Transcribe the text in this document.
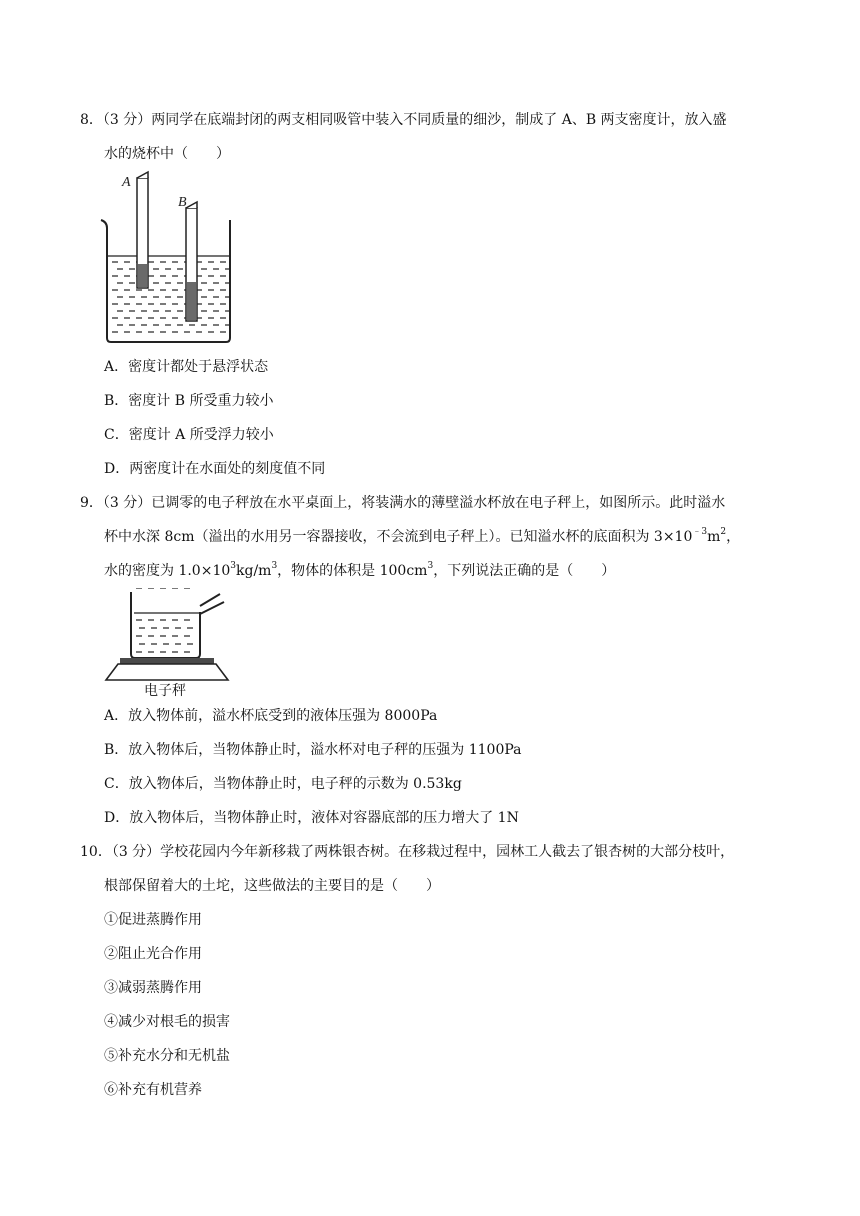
8．（3 分）两同学在底端封闭的两支相同吸管中装入不同质量的细沙，制成了 A、B 两支密度计，放入盛
水的烧杯中（　　）
A
B
A．密度计都处于悬浮状态
B．密度计 B 所受重力较小
C．密度计 A 所受浮力较小
D．两密度计在水面处的刻度值不同
9．（3 分）已调零的电子秤放在水平桌面上，将装满水的薄壁溢水杯放在电子秤上，如图所示。此时溢水
杯中水深 8cm（溢出的水用另一容器接收，不会流到电子秤上）。已知溢水杯的底面积为 $3\times 10^{﹣3}m^2$，
水的密度为 $1.0\times 10^3kg/m^3$，物体的体积是 $100cm^3$，下列说法正确的是（　　）
电子秤
A．放入物体前，溢水杯底受到的液体压强为 8000Pa
B．放入物体后，当物体静止时，溢水杯对电子秤的压强为 1100Pa
C．放入物体后，当物体静止时，电子秤的示数为 0.53kg
D．放入物体后，当物体静止时，液体对容器底部的压力增大了 1N
10．（3 分）学校花园内今年新移栽了两株银杏树。在移栽过程中，园林工人截去了银杏树的大部分枝叶，
根部保留着大的土坨，这些做法的主要目的是（　　）
①促进蒸腾作用
②阻止光合作用
③减弱蒸腾作用
④减少对根毛的损害
⑤补充水分和无机盐
⑥补充有机营养
